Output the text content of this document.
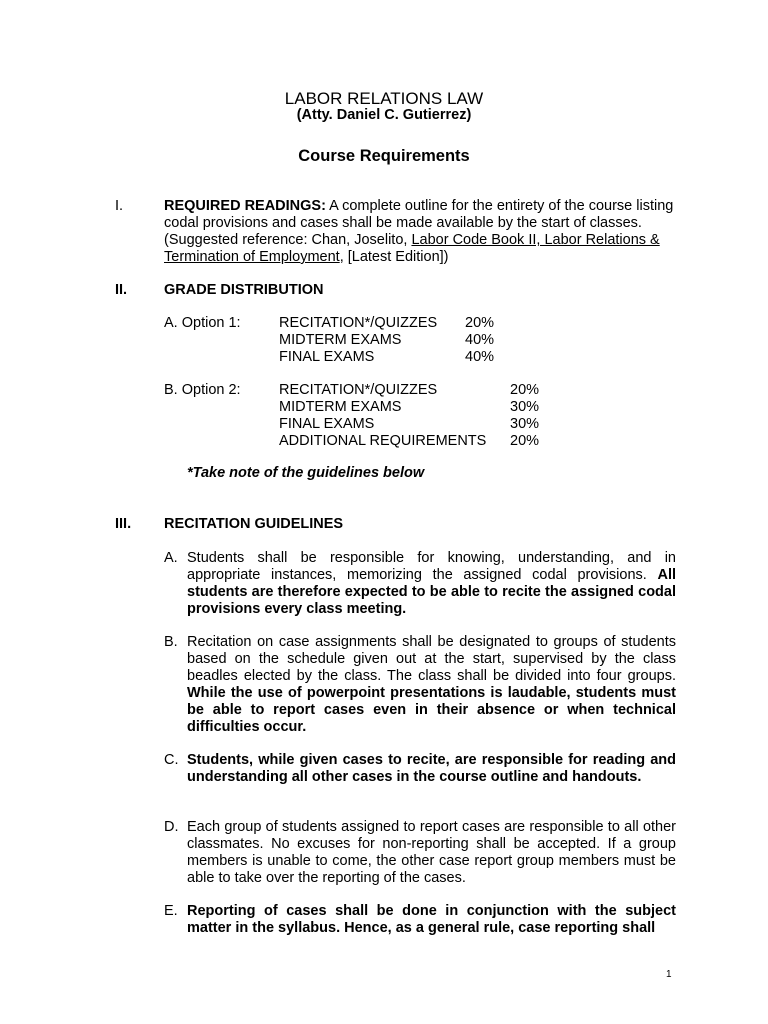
LABOR RELATIONS LAW
(Atty. Daniel C. Gutierrez)
Course Requirements
I.	REQUIRED READINGS: A complete outline for the entirety of the course listing codal provisions and cases shall be made available by the start of classes. (Suggested reference: Chan, Joselito, Labor Code Book II, Labor Relations & Termination of Employment, [Latest Edition])
II.	GRADE DISTRIBUTION
A. Option 1:	RECITATION*/QUIZZES 20%
MIDTERM EXAMS	40%
FINAL EXAMS	40%
B. Option 2:	RECITATION*/QUIZZES	20%
MIDTERM EXAMS	30%
FINAL EXAMS	30%
ADDITIONAL REQUIREMENTS 20%
*Take note of the guidelines below
III. RECITATION GUIDELINES
A. Students shall be responsible for knowing, understanding, and in appropriate instances, memorizing the assigned codal provisions. All students are therefore expected to be able to recite the assigned codal provisions every class meeting.
B. Recitation on case assignments shall be designated to groups of students based on the schedule given out at the start, supervised by the class beadles elected by the class. The class shall be divided into four groups. While the use of powerpoint presentations is laudable, students must be able to report cases even in their absence or when technical difficulties occur.
C. Students, while given cases to recite, are responsible for reading and understanding all other cases in the course outline and handouts.
D. Each group of students assigned to report cases are responsible to all other classmates. No excuses for non-reporting shall be accepted. If a group members is unable to come, the other case report group members must be able to take over the reporting of the cases.
E. Reporting of cases shall be done in conjunction with the subject matter in the syllabus. Hence, as a general rule, case reporting shall
1
